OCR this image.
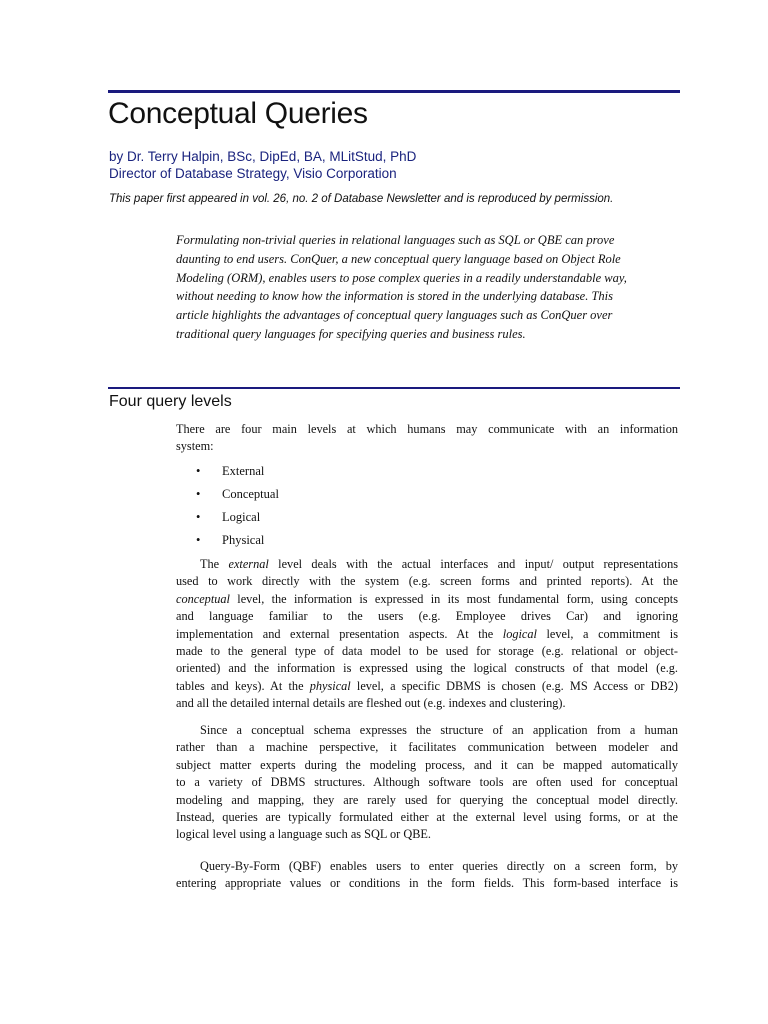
Conceptual Queries
by Dr. Terry Halpin, BSc, DipEd, BA, MLitStud, PhD
Director of Database Strategy, Visio Corporation
This paper first appeared in vol. 26, no. 2 of Database Newsletter and is reproduced by permission.
Formulating non-trivial queries in relational languages such as SQL or QBE can prove
daunting to end users. ConQuer, a new conceptual query language based on Object Role
Modeling (ORM), enables users to pose complex queries in a readily understandable way,
without needing to know how the information is stored in the underlying database. This
article highlights the advantages of conceptual query languages such as ConQuer over
traditional query languages for specifying queries and business rules.
Four query levels
There are four main levels at which humans may communicate with an information
system:
• External
• Conceptual
• Logical
• Physical
The external level deals with the actual interfaces and input/ output representations
used to work directly with the system (e.g. screen forms and printed reports). At the
conceptual level, the information is expressed in its most fundamental form, using concepts
and language familiar to the users (e.g. Employee drives Car) and ignoring
implementation and external presentation aspects. At the logical level, a commitment is
made to the general type of data model to be used for storage (e.g. relational or object-
oriented) and the information is expressed using the logical constructs of that model (e.g.
tables and keys). At the physical level, a specific DBMS is chosen (e.g. MS Access or DB2)
and all the detailed internal details are fleshed out (e.g. indexes and clustering).
Since a conceptual schema expresses the structure of an application from a human
rather than a machine perspective, it facilitates communication between modeler and
subject matter experts during the modeling process, and it can be mapped automatically
to a variety of DBMS structures. Although software tools are often used for conceptual
modeling and mapping, they are rarely used for querying the conceptual model directly.
Instead, queries are typically formulated either at the external level using forms, or at the
logical level using a language such as SQL or QBE.
Query-By-Form (QBF) enables users to enter queries directly on a screen form, by
entering appropriate values or conditions in the form fields. This form-based interface is
